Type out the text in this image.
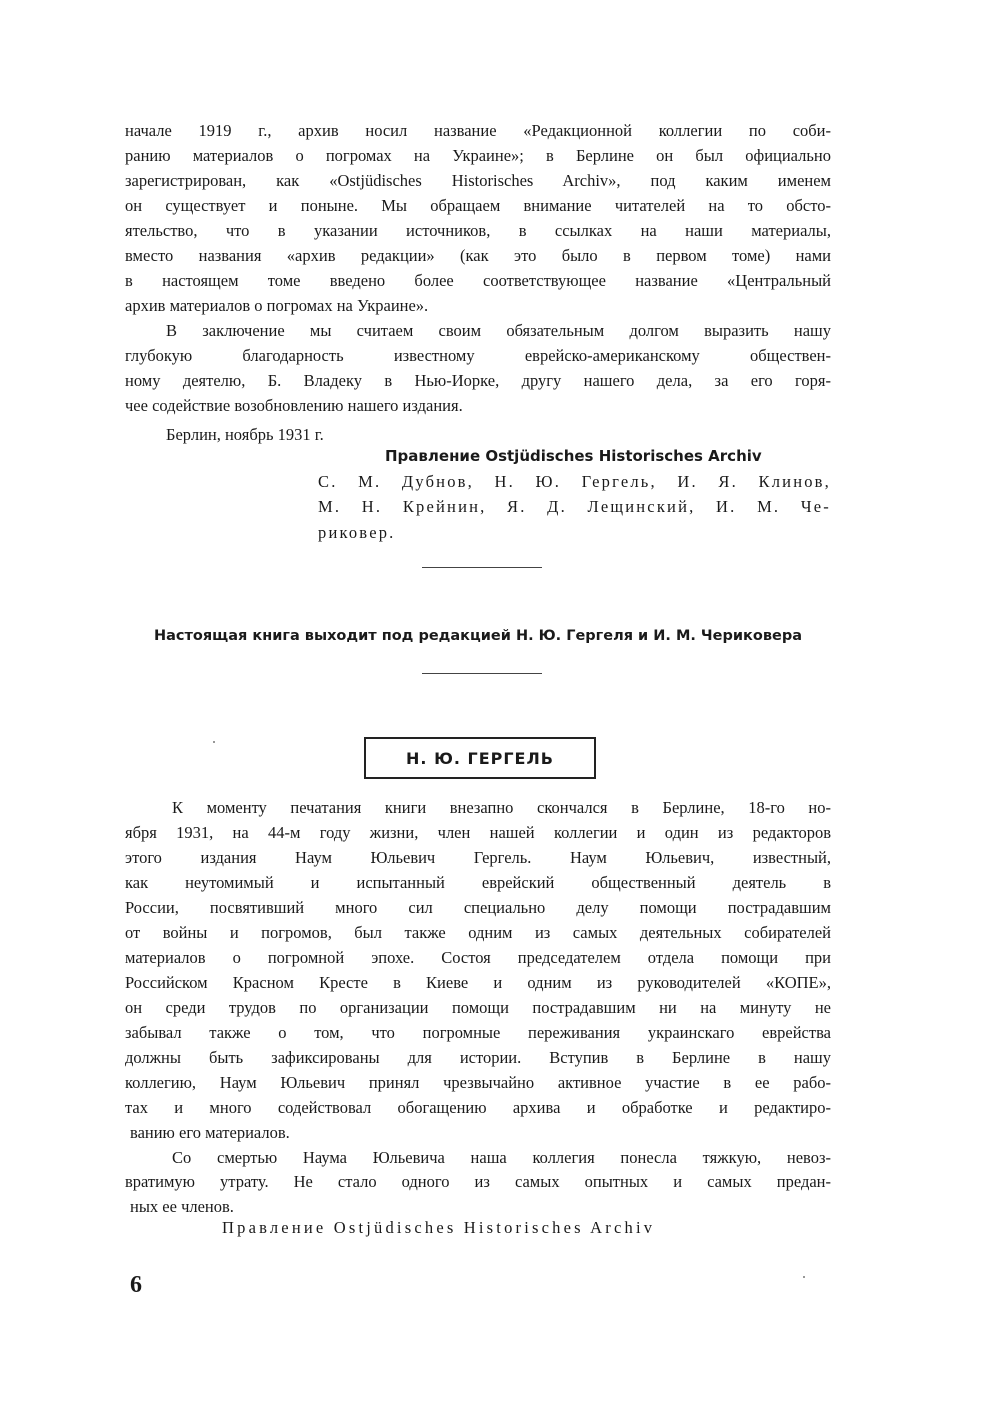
начале 1919 г., архив носил название «Редакционной коллегии по соби-
ранию материалов о погромах на Украине»; в Берлине он был официально
зарегистрирован, как «Ostjüdisches Historisches Archiv», под каким именем
он существует и поныне. Мы обращаем внимание читателей на то обсто-
ятельство, что в указании источников, в ссылках на наши материалы,
вместо названия «архив редакции» (как это было в первом томе) нами
в настоящем томе введено более соответствующее название «Центральный
архив материалов о погромах на Украине».
В заключение мы считаем своим обязательным долгом выразить нашу
глубокую благодарность известному еврейско-американскому обществен-
ному деятелю, Б. Владеку в Нью-Иорке, другу нашего дела, за его горя-
чее содействие возобновлению нашего издания.
Берлин, ноябрь 1931 г.
Правление Ostjüdisches Historisches Archiv
С. М. Дубнов, Н. Ю. Гергель, И. Я. Клинов,
М. Н. Крейнин, Я. Д. Лещинский, И. М. Че-
риковер.
Настоящая книга выходит под редакцией Н. Ю. Гергеля и И. М. Чериковера
Н. Ю. ГЕРГЕЛЬ
К моменту печатания книги внезапно скончался в Берлине, 18-го но-
ября 1931, на 44-м году жизни, член нашей коллегии и один из редакторов
этого издания Наум Юльевич Гергель. Наум Юльевич, известный,
как неутомимый и испытанный еврейский общественный деятель в
России, посвятивший много сил специально делу помощи пострадавшим
от войны и погромов, был также одним из самых деятельных собирателей
материалов о погромной эпохе. Состоя председателем отдела помощи при
Российском Красном Кресте в Киеве и одним из руководителей «КОПЕ»,
он среди трудов по организации помощи пострадавшим ни на минуту не
забывал также о том, что погромные переживания украинскаго еврейства
должны быть зафиксированы для истории. Вступив в Берлине в нашу
коллегию, Наум Юльевич принял чрезвычайно активное участие в ее рабо-
тах и много содействовал обогащению архива и обработке и редактиро-
ванию его материалов.
Со смертью Наума Юльевича наша коллегия понесла тяжкую, невоз-
вратимую утрату. Не стало одного из самых опытных и самых предан-
ных ее членов.
Правление Ostjüdisches Historisches Archiv
6
